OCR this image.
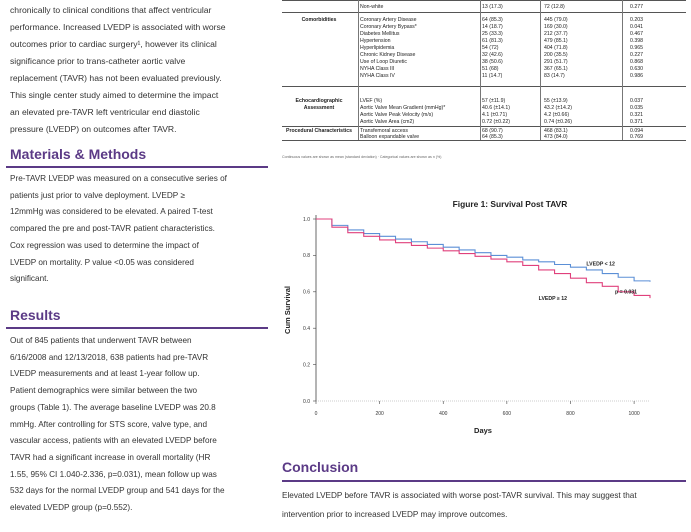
chronically to clinical conditions that affect ventricular
performance. Increased LVEDP is associated with worse
outcomes prior to cardiac surgery¹, however its clinical
significance prior to trans-catheter aortic valve
replacement (TAVR) has not been evaluated previously.
This single center study aimed to determine the impact
an elevated pre-TAVR left ventricular end diastolic
pressure (LVEDP) on outcomes after TAVR.
Materials & Methods
Pre-TAVR LVEDP was measured on a consecutive series of
patients just prior to valve deployment. LVEDP ≥
12mmHg was considered to be elevated. A paired T-test
compared the pre and post-TAVR patient characteristics.
Cox regression was used to determine the impact of
LVEDP on mortality. P value <0.05 was considered
significant.
Results
Out of 845 patients that underwent TAVR between
6/16/2008 and 12/13/2018, 638 patients had pre-TAVR
LVEDP measurements and at least 1-year follow up.
Patient demographics were similar between the two
groups (Table 1). The average baseline LVEDP was 20.8
mmHg. After controlling for STS score, valve type, and
vascular access, patients with an elevated LVEDP before
TAVR had a significant increase in overall mortality (HR
1.55, 95% CI 1.040-2.336, p=0.031), mean follow up was
532 days for the normal LVEDP group and 541 days for the
elevated LVEDP group (p=0.552).
Non-white	13 (17.3)	72 (12.8)	0.277
Comorbidities	Coronary Artery Disease	64 (85.3)	445 (79.0)	0.203
Coronary Artery Bypass*	14 (18.7)	169 (30.0)	0.041
Diabetes Mellitus	25 (33.3)	212 (37.7)	0.467
Hypertension	61 (81.3)	479 (85.1)	0.398
Hyperlipidemia	54 (72)	404 (71.8)	0.965
Chronic Kidney Disease	32 (42.6)	200 (35.5)	0.227
Use of Loop Diuretic	38 (50.6)	291 (51.7)	0.868
NYHA Class III	51 (68)	367 (65.1)	0.630
NYHA Class IV	11 (14.7)	83 (14.7)	0.986
Echocardiographic	LVEF (%)	57 (±11.9)	55 (±13.9)	0.037
Assessment	Aortic Valve Mean Gradient (mmHg)*	40.6 (±14.1)	43.2 (±14.2)	0.035
Aortic Valve Peak Velocity (m/s)	4.1 (±0.71)	4.2 (±0.66)	0.321
Aortic Valve Area (cm2)	0.72 (±0.22)	0.74 (±0.26)	0.371
Procedural Characteristics	Transfemoral access	68 (90.7)	468 (83.1)	0.094
Balloon expandable valve	64 (85.3)	473 (84.0)	0.769
Continuous values are shown as mean (standard deviation) · Categorical values are shown as n (%)
Figure 1: Survival Post TAVR
0.0
0.2
0.4
0.6
0.8
1.0
0	200	400	600	800	1000
Days
Cum Survival
LVEDP < 12
LVEDP ≥ 12
p = 0.031
Conclusion
Elevated LVEDP before TAVR is associated with worse post-TAVR survival. This may suggest that
intervention prior to increased LVEDP may improve outcomes.
